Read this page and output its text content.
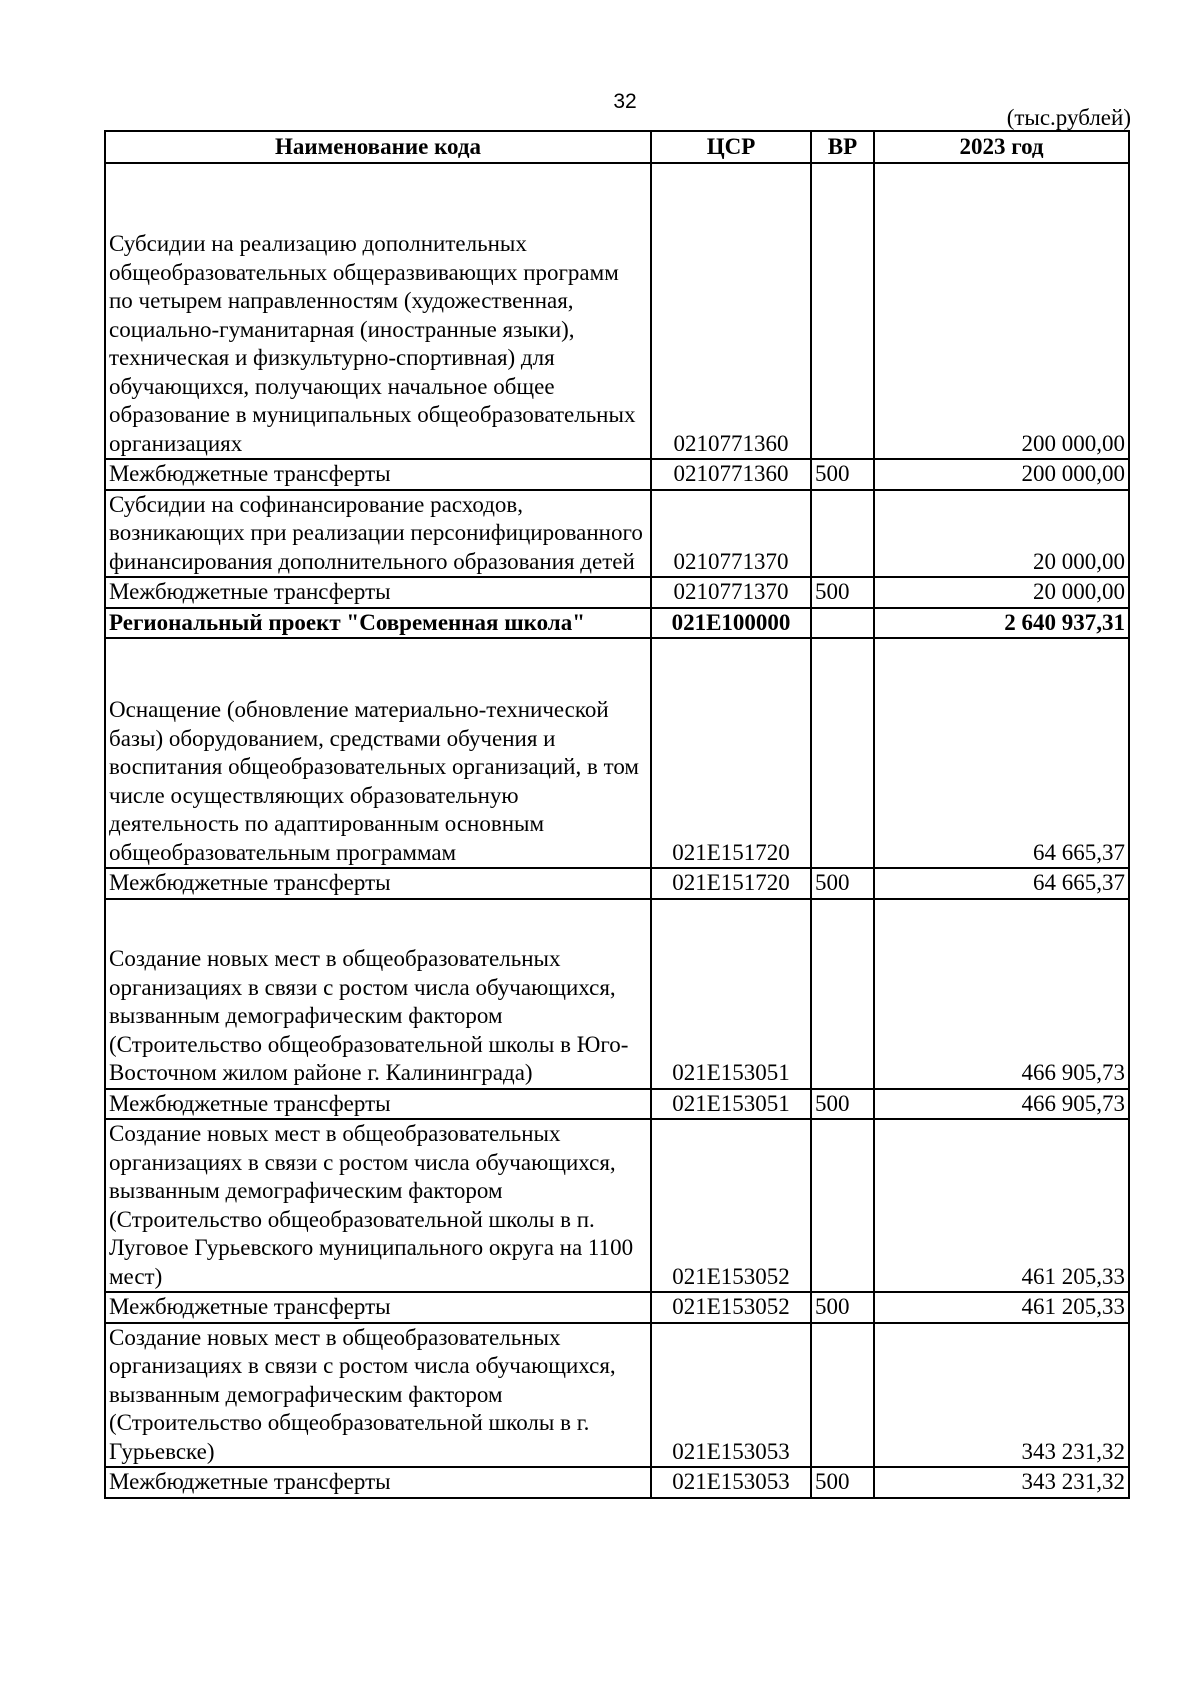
32
(тыс.рублей)
Наименование кода	ЦСР	ВР	2023 год
Субсидии на реализацию дополнительных общеобразовательных общеразвивающих программ по четырем направленностям (художественная, социально-гуманитарная (иностранные языки), техническая и физкультурно-спортивная) для обучающихся, получающих начальное общее образование в муниципальных общеобразовательных организациях	0210771360		200 000,00
Межбюджетные трансферты	0210771360	500	200 000,00
Субсидии на софинансирование расходов, возникающих при реализации персонифицированного финансирования дополнительного образования детей	0210771370		20 000,00
Межбюджетные трансферты	0210771370	500	20 000,00
Региональный проект "Современная школа"	021E100000		2 640 937,31
Оснащение (обновление материально-технической базы) оборудованием, средствами обучения и воспитания общеобразовательных организаций, в том числе осуществляющих образовательную деятельность по адаптированным основным общеобразовательным программам	021E151720		64 665,37
Межбюджетные трансферты	021E151720	500	64 665,37
Создание новых мест в общеобразовательных организациях в связи с ростом числа обучающихся, вызванным демографическим фактором (Строительство общеобразовательной школы в Юго-Восточном жилом районе г. Калининграда)	021E153051		466 905,73
Межбюджетные трансферты	021E153051	500	466 905,73
Создание новых мест в общеобразовательных организациях в связи с ростом числа обучающихся, вызванным демографическим фактором (Строительство общеобразовательной школы в п. Луговое Гурьевского муниципального округа на 1100 мест)	021E153052		461 205,33
Межбюджетные трансферты	021E153052	500	461 205,33
Создание новых мест в общеобразовательных организациях в связи с ростом числа обучающихся, вызванным демографическим фактором (Строительство общеобразовательной школы в г. Гурьевске)	021E153053		343 231,32
Межбюджетные трансферты	021E153053	500	343 231,32
